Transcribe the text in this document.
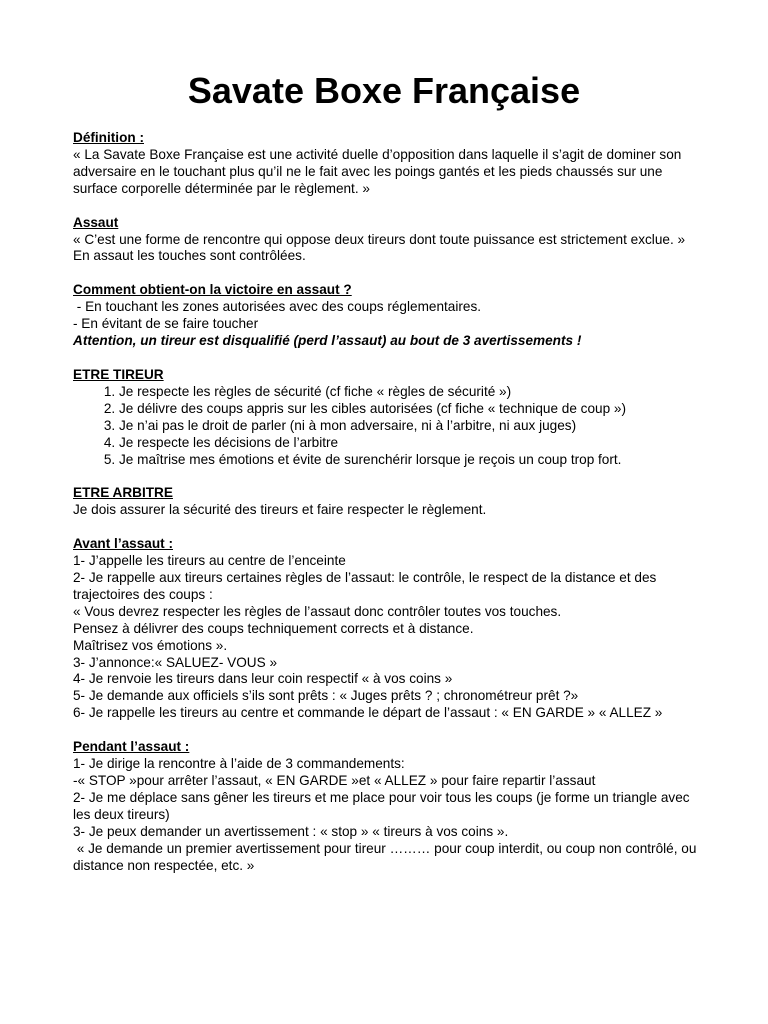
Savate Boxe Française
Définition :
« La Savate Boxe Française est une activité duelle d’opposition dans laquelle il s’agit de dominer son adversaire en le touchant plus qu’il ne le fait avec les poings gantés et les pieds chaussés sur une surface corporelle déterminée par le règlement. »
Assaut
« C’est une forme de rencontre qui oppose deux tireurs dont toute puissance est strictement exclue. »
En assaut les touches sont contrôlées.
Comment obtient-on la victoire en assaut ?
- En touchant les zones autorisées avec des coups réglementaires.
- En évitant de se faire toucher
Attention, un tireur est disqualifié (perd l’assaut) au bout de 3 avertissements !
ETRE TIREUR
1. Je respecte les règles de sécurité (cf fiche « règles de sécurité »)
2. Je délivre des coups appris sur les cibles autorisées (cf fiche « technique de coup »)
3. Je n’ai pas le droit de parler (ni à mon adversaire, ni à l’arbitre, ni aux juges)
4. Je respecte les décisions de l’arbitre
5. Je maîtrise mes émotions et évite de surenchérir lorsque je reçois un coup trop fort.
ETRE ARBITRE
Je dois assurer la sécurité des tireurs et faire respecter le règlement.
Avant l’assaut :
1- J’appelle les tireurs au centre de l’enceinte
2- Je rappelle aux tireurs certaines règles de l’assaut: le contrôle, le respect de la distance et des trajectoires des coups :
« Vous devrez respecter les règles de l’assaut donc contrôler toutes vos touches.
Pensez à délivrer des coups techniquement corrects et à distance.
Maîtrisez vos émotions ».
3- J’annonce:« SALUEZ- VOUS »
4- Je renvoie les tireurs dans leur coin respectif « à vos coins »
5- Je demande aux officiels s’ils sont prêts : « Juges prêts ? ; chronométreur prêt ?»
6- Je rappelle les tireurs au centre et commande le départ de l’assaut : « EN GARDE » « ALLEZ »
Pendant l’assaut :
1- Je dirige la rencontre à l’aide de 3 commandements:
-« STOP »pour arrêter l’assaut, « EN GARDE »et « ALLEZ » pour faire repartir l’assaut
2- Je me déplace sans gêner les tireurs et me place pour voir tous les coups (je forme un triangle avec les deux tireurs)
3- Je peux demander un avertissement : « stop » « tireurs à vos coins ».
« Je demande un premier avertissement pour tireur ……… pour coup interdit, ou coup non contrôlé, ou distance non respectée, etc. »
